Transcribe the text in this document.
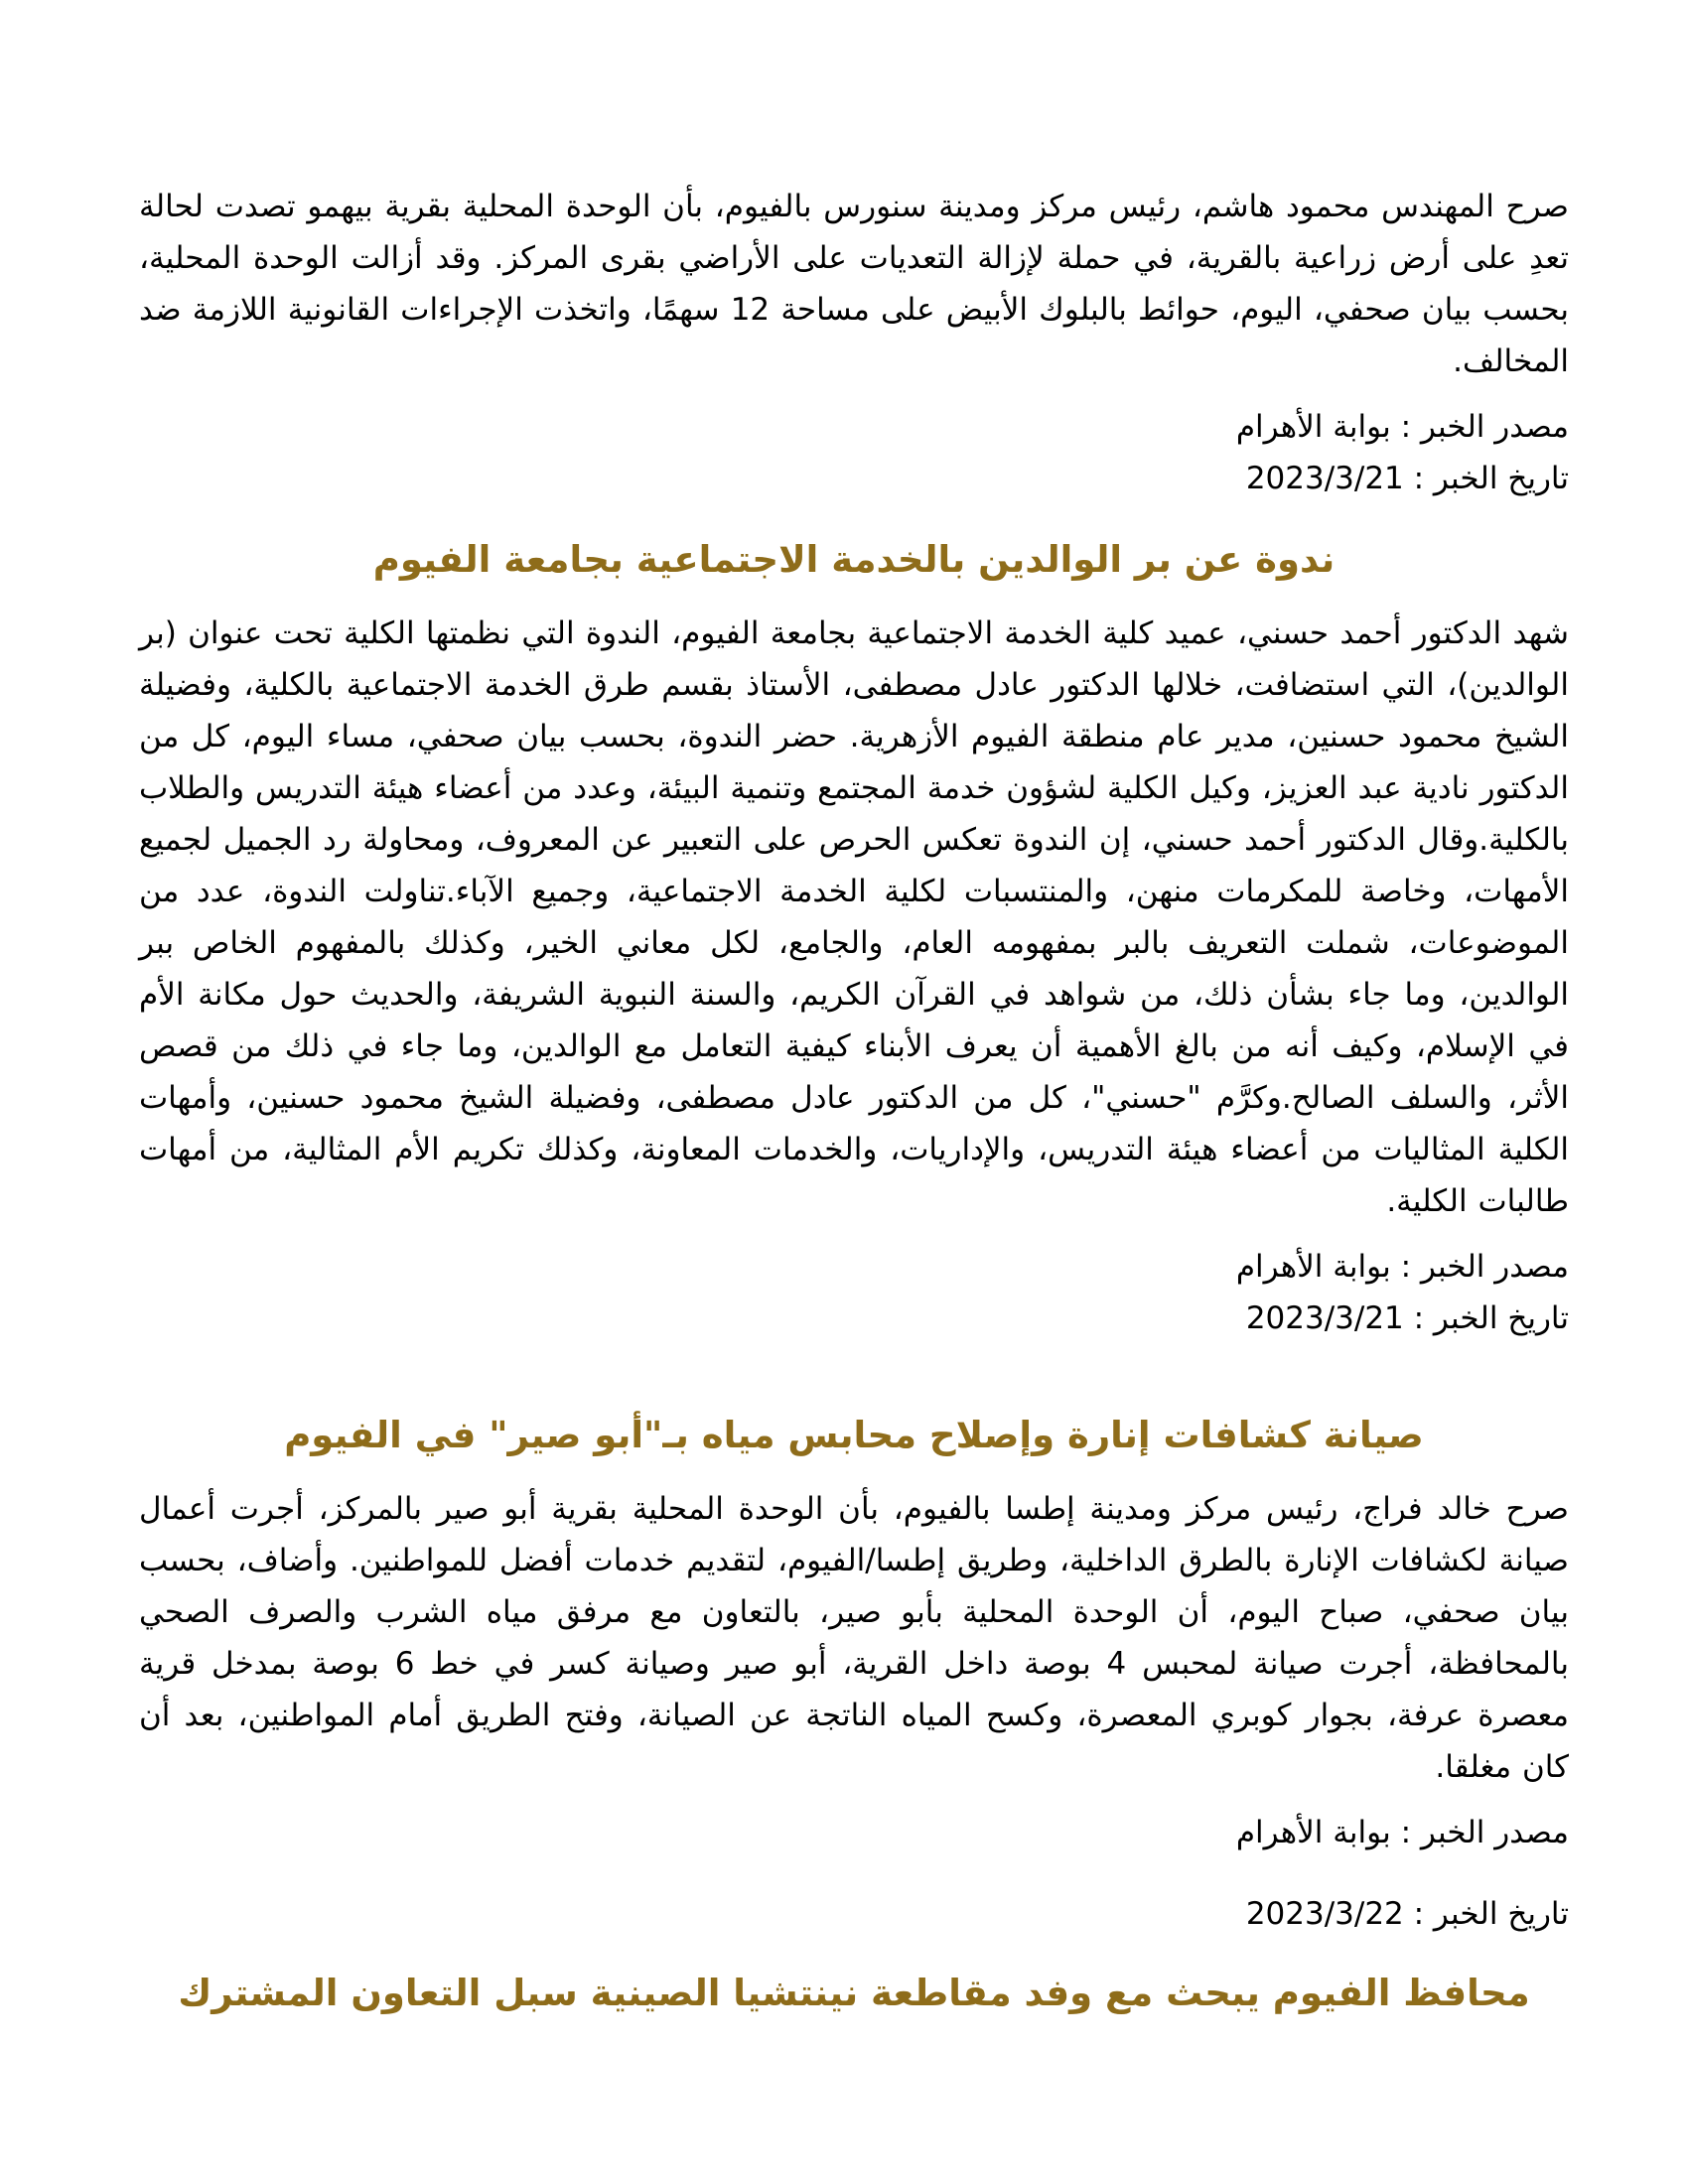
صرح المهندس محمود هاشم، رئيس مركز ومدينة سنورس بالفيوم، بأن الوحدة المحلية بقرية بيهمو تصدت لحالة تعدِ على أرض زراعية بالقرية، في حملة لإزالة التعديات على الأراضي بقرى المركز. وقد أزالت الوحدة المحلية، بحسب بيان صحفي، اليوم، حوائط بالبلوك الأبيض على مساحة 12 سهمًا، واتخذت الإجراءات القانونية اللازمة ضد المخالف.

مصدر الخبر : بوابة الأهرام

تاريخ الخبر : 2023/3/21

ندوة عن بر الوالدين بالخدمة الاجتماعية بجامعة الفيوم

شهد الدكتور أحمد حسني، عميد كلية الخدمة الاجتماعية بجامعة الفيوم، الندوة التي نظمتها الكلية تحت عنوان (بر الوالدين)، التي استضافت، خلالها الدكتور عادل مصطفى، الأستاذ بقسم طرق الخدمة الاجتماعية بالكلية، وفضيلة الشيخ محمود حسنين، مدير عام منطقة الفيوم الأزهرية. حضر الندوة، بحسب بيان صحفي، مساء اليوم، كل من الدكتور نادية عبد العزيز، وكيل الكلية لشؤون خدمة المجتمع وتنمية البيئة، وعدد من أعضاء هيئة التدريس والطلاب بالكلية.وقال الدكتور أحمد حسني، إن الندوة تعكس الحرص على التعبير عن المعروف، ومحاولة رد الجميل لجميع الأمهات، وخاصة للمكرمات منهن، والمنتسبات لكلية الخدمة الاجتماعية، وجميع الآباء.تناولت الندوة، عدد من الموضوعات، شملت التعريف بالبر بمفهومه العام، والجامع، لكل معاني الخير، وكذلك بالمفهوم الخاص ببر الوالدين، وما جاء بشأن ذلك، من شواهد في القرآن الكريم، والسنة النبوية الشريفة، والحديث حول مكانة الأم في الإسلام، وكيف أنه من بالغ الأهمية أن يعرف الأبناء كيفية التعامل مع الوالدين، وما جاء في ذلك من قصص الأثر، والسلف الصالح.وكرَّم "حسني"، كل من الدكتور عادل مصطفى، وفضيلة الشيخ محمود حسنين، وأمهات الكلية المثاليات من أعضاء هيئة التدريس، والإداريات، والخدمات المعاونة، وكذلك تكريم الأم المثالية، من أمهات طالبات الكلية.

مصدر الخبر : بوابة الأهرام

تاريخ الخبر : 2023/3/21

صيانة كشافات إنارة وإصلاح محابس مياه بـ"أبو صير" في الفيوم

صرح خالد فراج، رئيس مركز ومدينة إطسا بالفيوم، بأن الوحدة المحلية بقرية أبو صير بالمركز، أجرت أعمال صيانة لكشافات الإنارة بالطرق الداخلية، وطريق إطسا/الفيوم، لتقديم خدمات أفضل للمواطنين. وأضاف، بحسب بيان صحفي، صباح اليوم، أن الوحدة المحلية بأبو صير، بالتعاون مع مرفق مياه الشرب والصرف الصحي بالمحافظة، أجرت صيانة لمحبس 4 بوصة داخل القرية، أبو صير وصيانة كسر في خط 6 بوصة بمدخل قرية معصرة عرفة، بجوار كوبري المعصرة، وكسح المياه الناتجة عن الصيانة، وفتح الطريق أمام المواطنين، بعد أن كان مغلقا.

مصدر الخبر : بوابة الأهرام

تاريخ الخبر : 2023/3/22

محافظ الفيوم يبحث مع وفد مقاطعة نينتشيا الصينية سبل التعاون المشترك
